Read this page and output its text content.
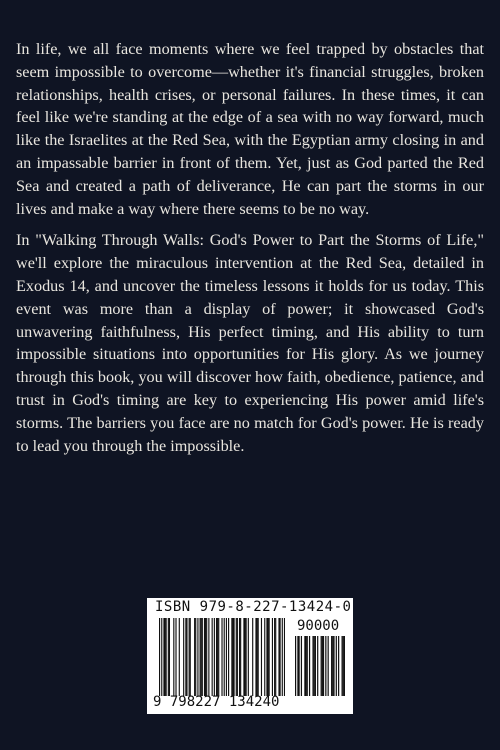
In life, we all face moments where we feel trapped by obstacles that seem impossible to overcome—whether it's financial struggles, broken relationships, health crises, or personal failures. In these times, it can feel like we're standing at the edge of a sea with no way forward, much like the Israelites at the Red Sea, with the Egyptian army closing in and an impassable barrier in front of them. Yet, just as God parted the Red Sea and created a path of deliverance, He can part the storms in our lives and make a way where there seems to be no way.

In "Walking Through Walls: God's Power to Part the Storms of Life," we'll explore the miraculous intervention at the Red Sea, detailed in Exodus 14, and uncover the timeless lessons it holds for us today. This event was more than a display of power; it showcased God's unwavering faithfulness, His perfect timing, and His ability to turn impossible situations into opportunities for His glory. As we journey through this book, you will discover how faith, obedience, patience, and trust in God's timing are key to experiencing His power amid life's storms. The barriers you face are no match for God's power. He is ready to lead you through the impossible.

ISBN 979-8-227-13424-0
90000
9 798227 134240
